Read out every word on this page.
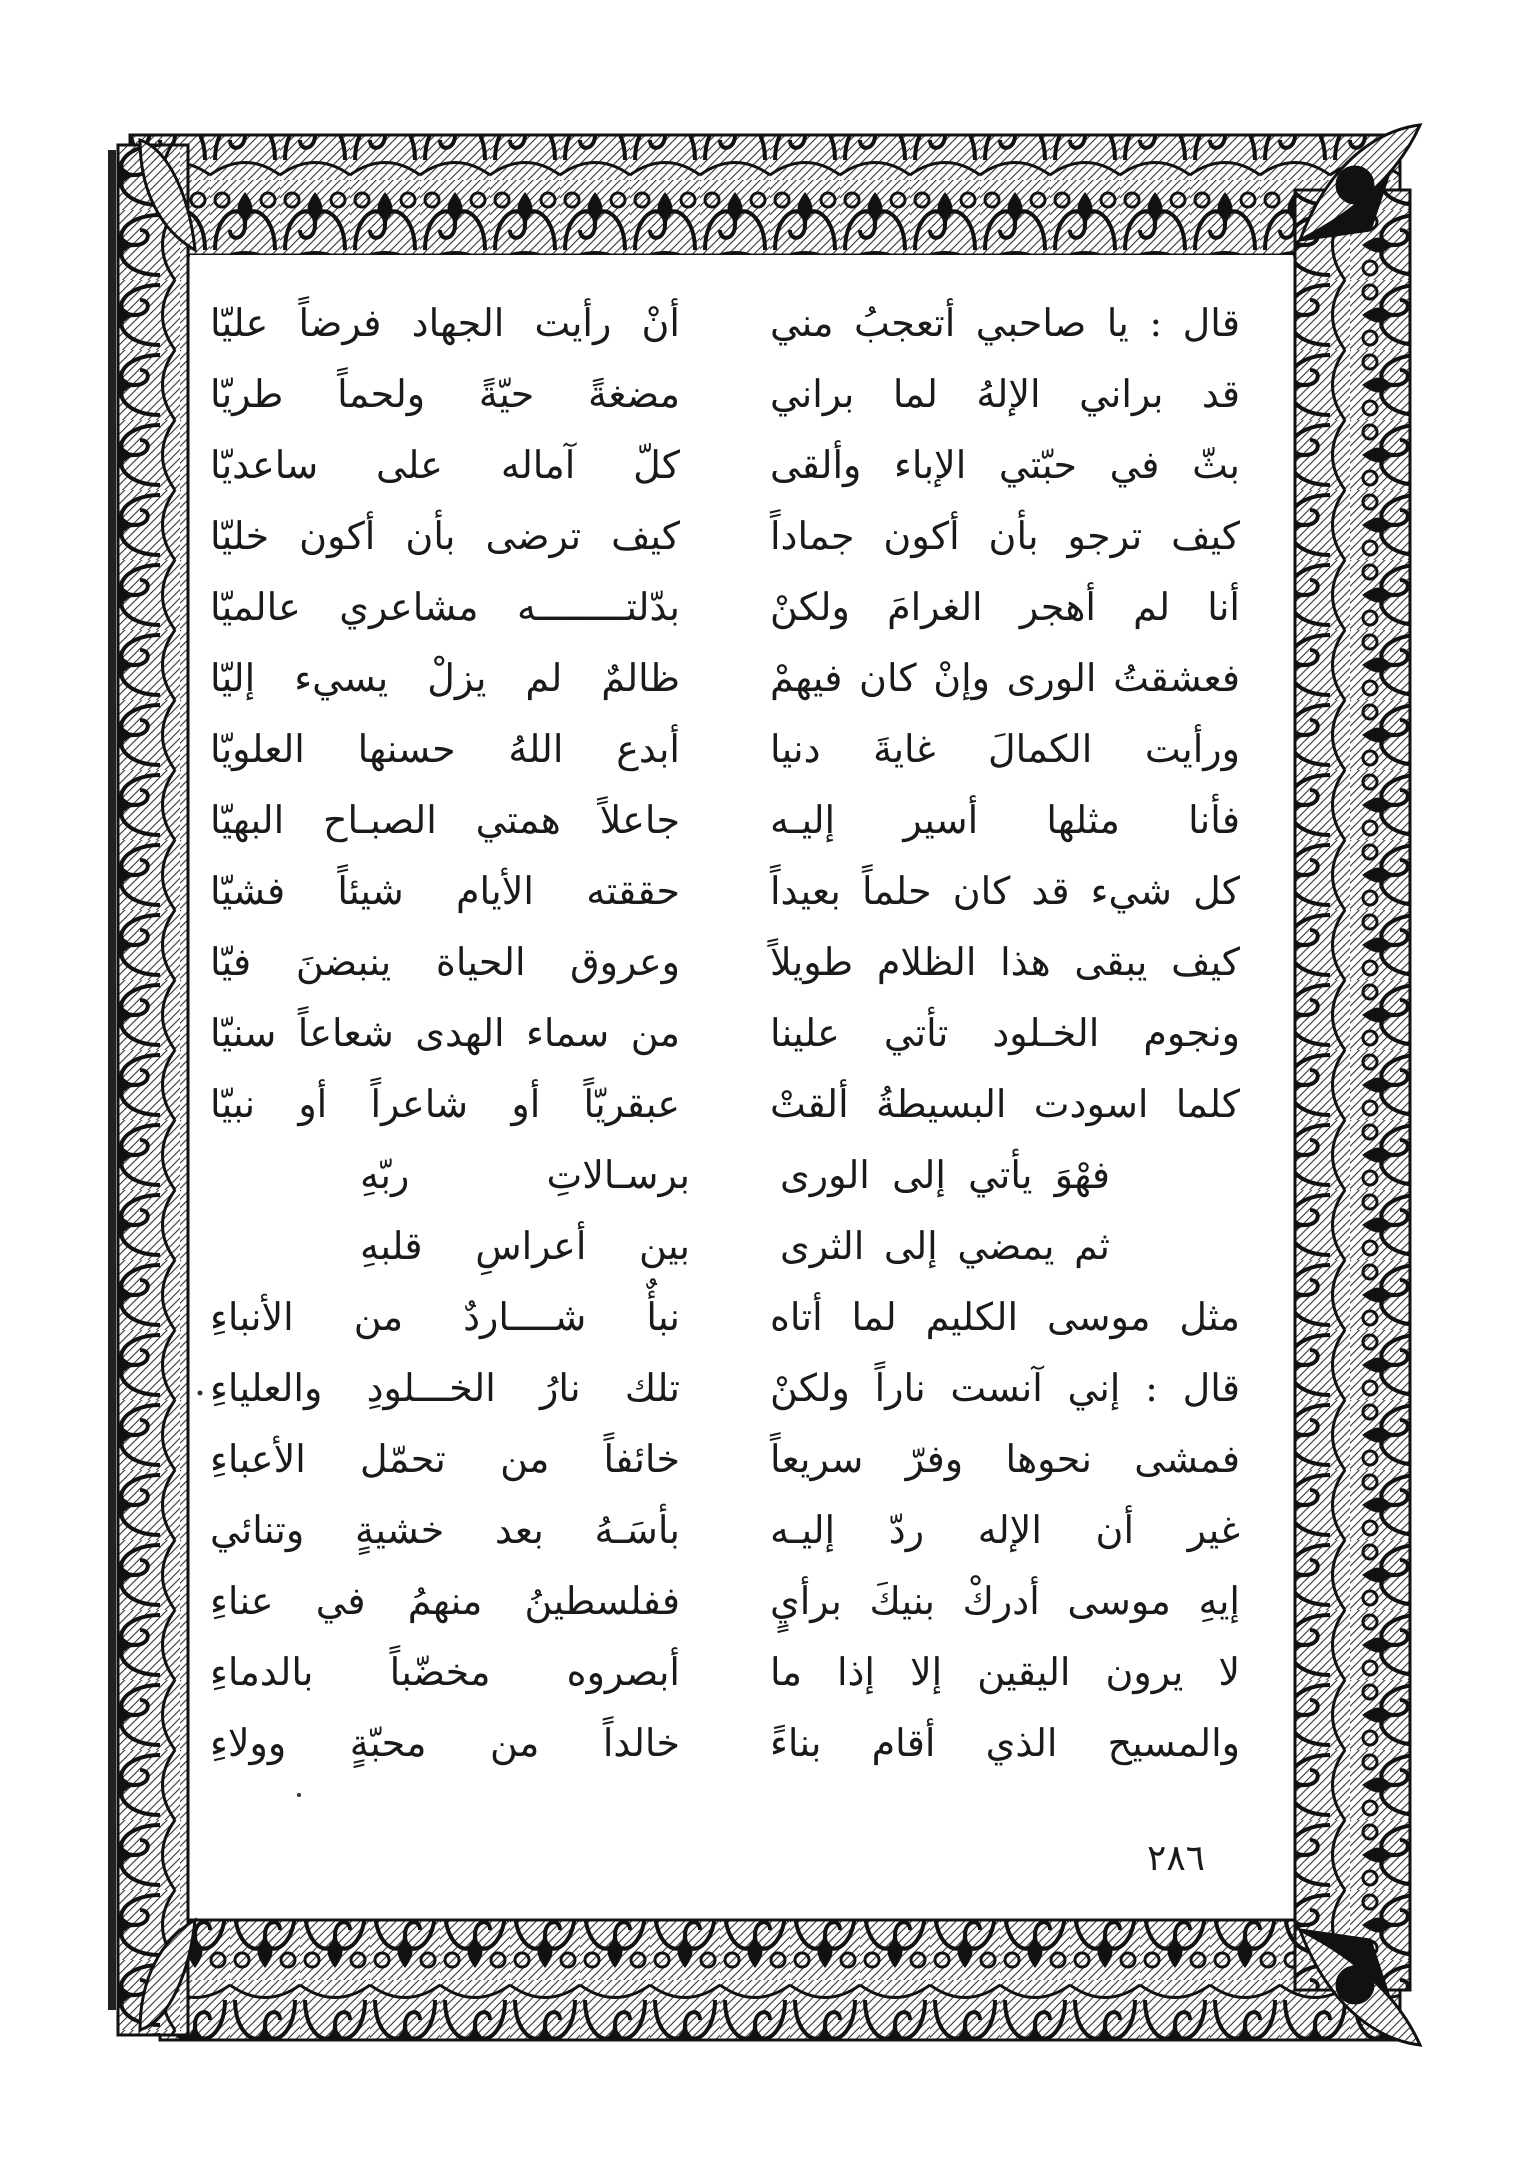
قال : يا صاحبي أتعجبُ مني
أنْ رأيت الجهاد فرضاً عليّا
قد براني الإلهُ لما براني
مضغةً حيّةً ولحماً طريّا
بثّ في حبّتي الإباء وألقى
كلّ آماله على ساعديّا
كيف ترجو بأن أكون جماداً
كيف ترضى بأن أكون خليّا
أنا لم أهجر الغرامَ ولكنْ
بدّلتــــــــه مشاعري عالميّا
فعشقتُ الورى وإنْ كان فيهمْ
ظالمٌ لم يزلْ يسيء إليّا
ورأيت الكمالَ غايةَ دنيا
أبدع اللهُ حسنها العلويّا
فأنا مثلها أسير إليـه
جاعلاً همتي الصبـاح البهيّا
كل شيء قد كان حلماً بعيداً
حققته الأيام شيئاً فشيّا
كيف يبقى هذا الظلام طويلاً
وعروق الحياة ينبضنَ فيّا
ونجوم الخـلود تأتي علينا
من سماء الهدى شعاعاً سنيّا
كلما اسودت البسيطةُ ألقتْ
عبقريّاً أو شاعراً أو نبيّا
فهْوَ يأتي إلى الورى
برسـالاتِ ربّهِ
ثم يمضي إلى الثرى
بين أعراسِ قلبهِ
مثل موسى الكليم لما أتاه
نبأٌ شــــاردٌ من الأنباءِ
قال : إني آنست ناراً ولكنْ
تلك نارُ الخـــلودِ والعلياءِ
فمشى نحوها وفرّ سريعاً
خائفاً من تحمّل الأعباءِ
غير أن الإله ردّ إليـه
بأسَـهُ بعد خشيةٍ وتنائي
إيهِ موسى أدركْ بنيكَ برأيٍ
ففلسطينُ منهمُ في عناءِ
لا يرون اليقين إلا إذا ما
أبصروه مخضّباً بالدماءِ
والمسيح الذي أقام بناءً
خالداً من محبّةٍ وولاءِ
٢٨٦
